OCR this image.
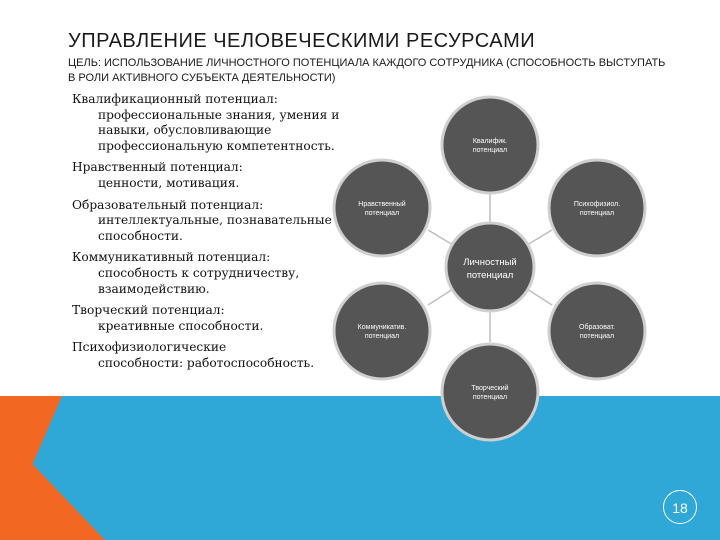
УПРАВЛЕНИЕ ЧЕЛОВЕЧЕСКИМИ РЕСУРСАМИ
ЦЕЛЬ: ИСПОЛЬЗОВАНИЕ ЛИЧНОСТНОГО ПОТЕНЦИАЛА КАЖДОГО СОТРУДНИКА (СПОСОБНОСТЬ ВЫСТУПАТЬ В РОЛИ АКТИВНОГО СУБЪЕКТА ДЕЯТЕЛЬНОСТИ)
Квалификационный потенциал:
профессиональные знания, умения и навыки, обусловливающие профессиональную компетентность.
Нравственный потенциал:
ценности, мотивация.
Образовательный потенциал:
интеллектуальные, познавательные способности.
Коммуникативный потенциал:
способность к сотрудничеству, взаимодействию.
Творческий потенциал:
креативные способности.
Психофизиологические
способности: работоспособность.
Личностный
потенциал
Квалифик.
потенциал
Психофизиол.
потенциал
Образоват.
потенциал
Творческий
потенциал
Коммуникатив.
потенциал
Нравственный
потенциал
18
